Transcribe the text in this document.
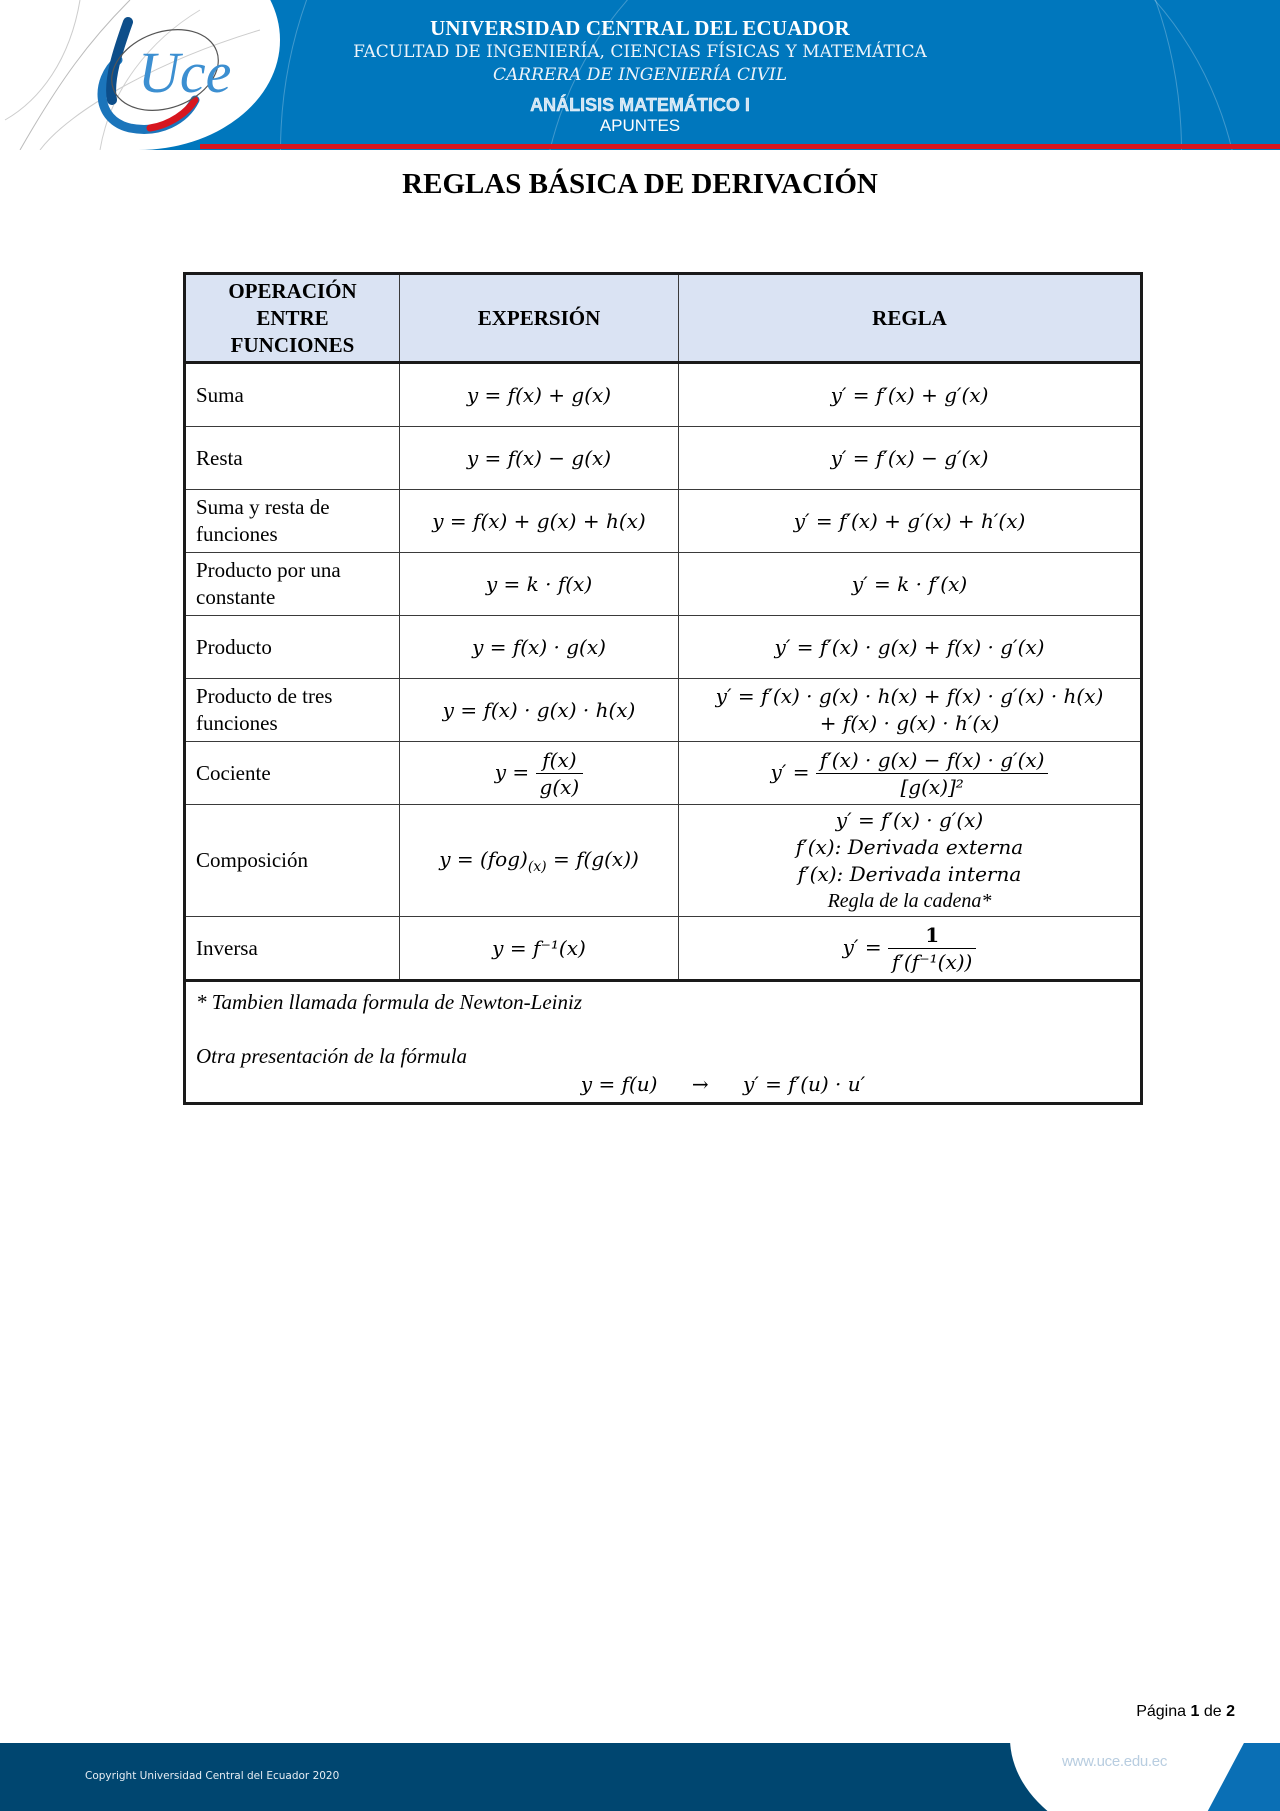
Uce
UNIVERSIDAD CENTRAL DEL ECUADOR
FACULTAD DE INGENIERÍA, CIENCIAS FÍSICAS Y MATEMÁTICA
CARRERA DE INGENIERÍA CIVIL
ANÁLISIS MATEMÁTICO I
APUNTES
REGLAS BÁSICA DE DERIVACIÓN
OPERACIÓN
ENTRE
FUNCIONES	EXPERSIÓN	REGLA
Suma	y = f(x) + g(x)	y′ = f′(x) + g′(x)
Resta	y = f(x) − g(x)	y′ = f′(x) − g′(x)
Suma y resta de funciones	y = f(x) + g(x) + h(x)	y′ = f′(x) + g′(x) + h′(x)
Producto por una constante	y = k · f(x)	y′ = k · f′(x)
Producto	y = f(x) · g(x)	y′ = f′(x) · g(x) + f(x) · g′(x)
Producto de tres funciones	y = f(x) · g(x) · h(x)	y′ = f′(x) · g(x) · h(x) + f(x) · g′(x) · h(x)
+ f(x) · g(x) · h′(x)

Cociente	$y = \frac{f(x)}{g(x)}$	$y' = \frac{f'(x) \cdot g(x) - f(x) \cdot g'(x)}{\text{[g(x)]²}}$

Composición	$y = (fog)_{(x)} = f(g(x))$	y′ = f′(x) · g′(x)
f′(x): Derivada externa
f′(x): Derivada interna
Regla de la cadena*

Inversa	y = f⁻¹(x)	$y' = \frac{1}{\text{f′(f⁻¹(x))}}$

* Tambien llamada formula de Newton-Leiniz
Otra presentación de la fórmula
y = f(u) → y′ = f′(u) · u′		
Página 1 de 2
Copyright Universidad Central del Ecuador 2020
www.uce.edu.ec
